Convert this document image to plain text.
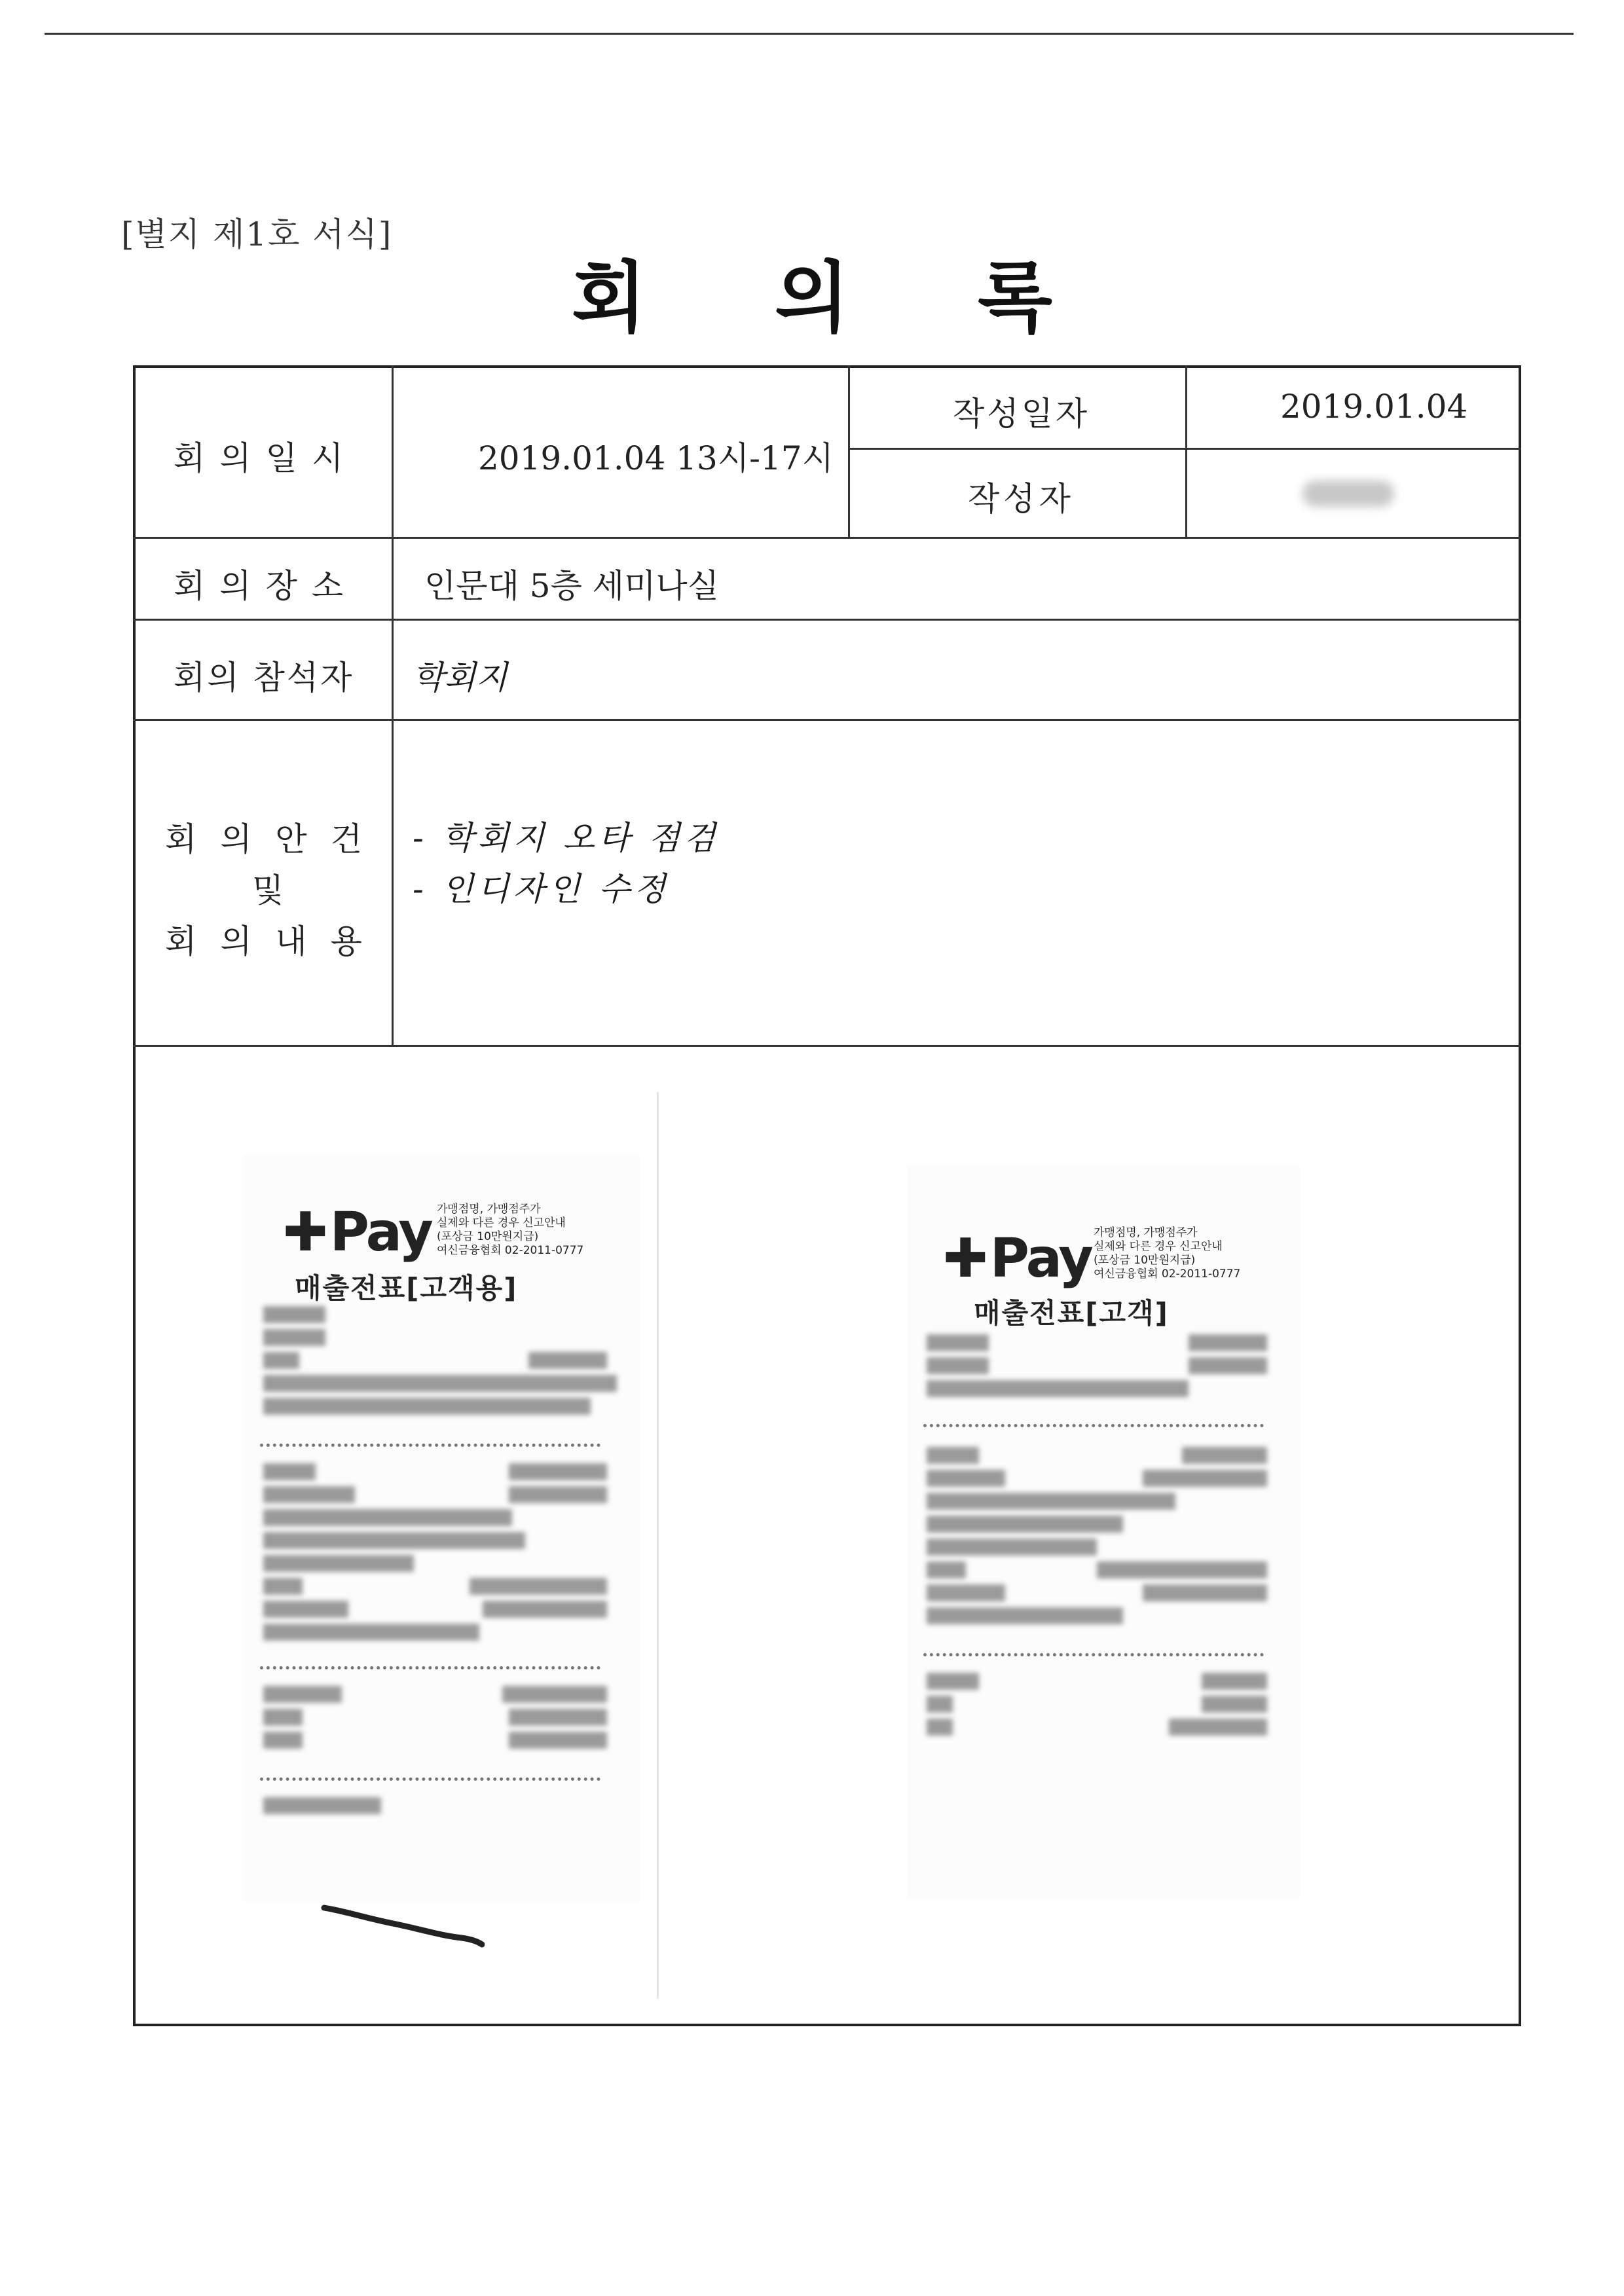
[별지 제1호 서식]
회 의 록
회의일시	2019.01.04 13시-17시
작성일자	2019.01.04
작성자
회의장소 인문대 5층 세미나실
회의 참석자 학회지
회 의 안 건
및
회 의 내 용
- 학회지 오타 점검
- 인디자인 수정
✚Pay 가맹점명, 가맹점주가
실제와 다른 경우 신고안내
(포상금 10만원지급)
여신금융협회 02-2011-0777
매출전표[고객용]	✚Pay 가맹점명, 가맹점주가
실제와 다른 경우 신고안내
(포상금 10만원지급)
여신금융협회 02-2011-0777
매출전표[고객]
